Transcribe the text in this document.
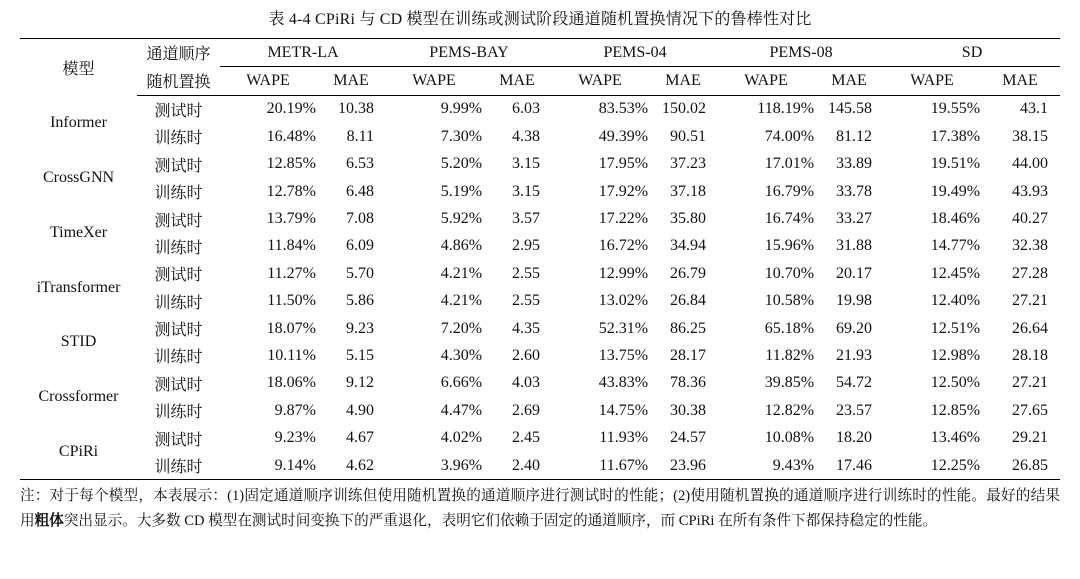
表 4-4 CPiRi 与 CD 模型在训练或测试阶段通道随机置换情况下的鲁棒性对比
模型	通道顺序	METR-LA		PEMS-BAY		PEMS-04		PEMS-08		SD	
	随机置换	WAPE	MAE	WAPE	MAE	WAPE	MAE	WAPE	MAE	WAPE	MAE
Informer	测试时	20.19%	10.38	9.99%	6.03	83.53%	150.02	118.19%	145.58	19.55%	43.1
	训练时	16.48%	8.11	7.30%	4.38	49.39%	90.51	74.00%	81.12	17.38%	38.15
CrossGNN	测试时	12.85%	6.53	5.20%	3.15	17.95%	37.23	17.01%	33.89	19.51%	44.00
	训练时	12.78%	6.48	5.19%	3.15	17.92%	37.18	16.79%	33.78	19.49%	43.93
TimeXer	测试时	13.79%	7.08	5.92%	3.57	17.22%	35.80	16.74%	33.27	18.46%	40.27
	训练时	11.84%	6.09	4.86%	2.95	16.72%	34.94	15.96%	31.88	14.77%	32.38
iTransformer	测试时	11.27%	5.70	4.21%	2.55	12.99%	26.79	10.70%	20.17	12.45%	27.28
	训练时	11.50%	5.86	4.21%	2.55	13.02%	26.84	10.58%	19.98	12.40%	27.21
STID	测试时	18.07%	9.23	7.20%	4.35	52.31%	86.25	65.18%	69.20	12.51%	26.64
	训练时	10.11%	5.15	4.30%	2.60	13.75%	28.17	11.82%	21.93	12.98%	28.18
Crossformer	测试时	18.06%	9.12	6.66%	4.03	43.83%	78.36	39.85%	54.72	12.50%	27.21
	训练时	9.87%	4.90	4.47%	2.69	14.75%	30.38	12.82%	23.57	12.85%	27.65
CPiRi	测试时	9.23%	4.67	4.02%	2.45	11.93%	24.57	10.08%	18.20	13.46%	29.21
	训练时	9.14%	4.62	3.96%	2.40	11.67%	23.96	9.43%	17.46	12.25%	26.85
注：对于每个模型，本表展示：(1)固定通道顺序训练但使用随机置换的通道顺序进行测试时的性能；(2)使用随机置换的通道顺序进行训练时的性能。最好的结果用粗体突出显示。大多数 CD 模型在测试时间变换下的严重退化，表明它们依赖于固定的通道顺序，而 CPiRi 在所有条件下都保持稳定的性能。
